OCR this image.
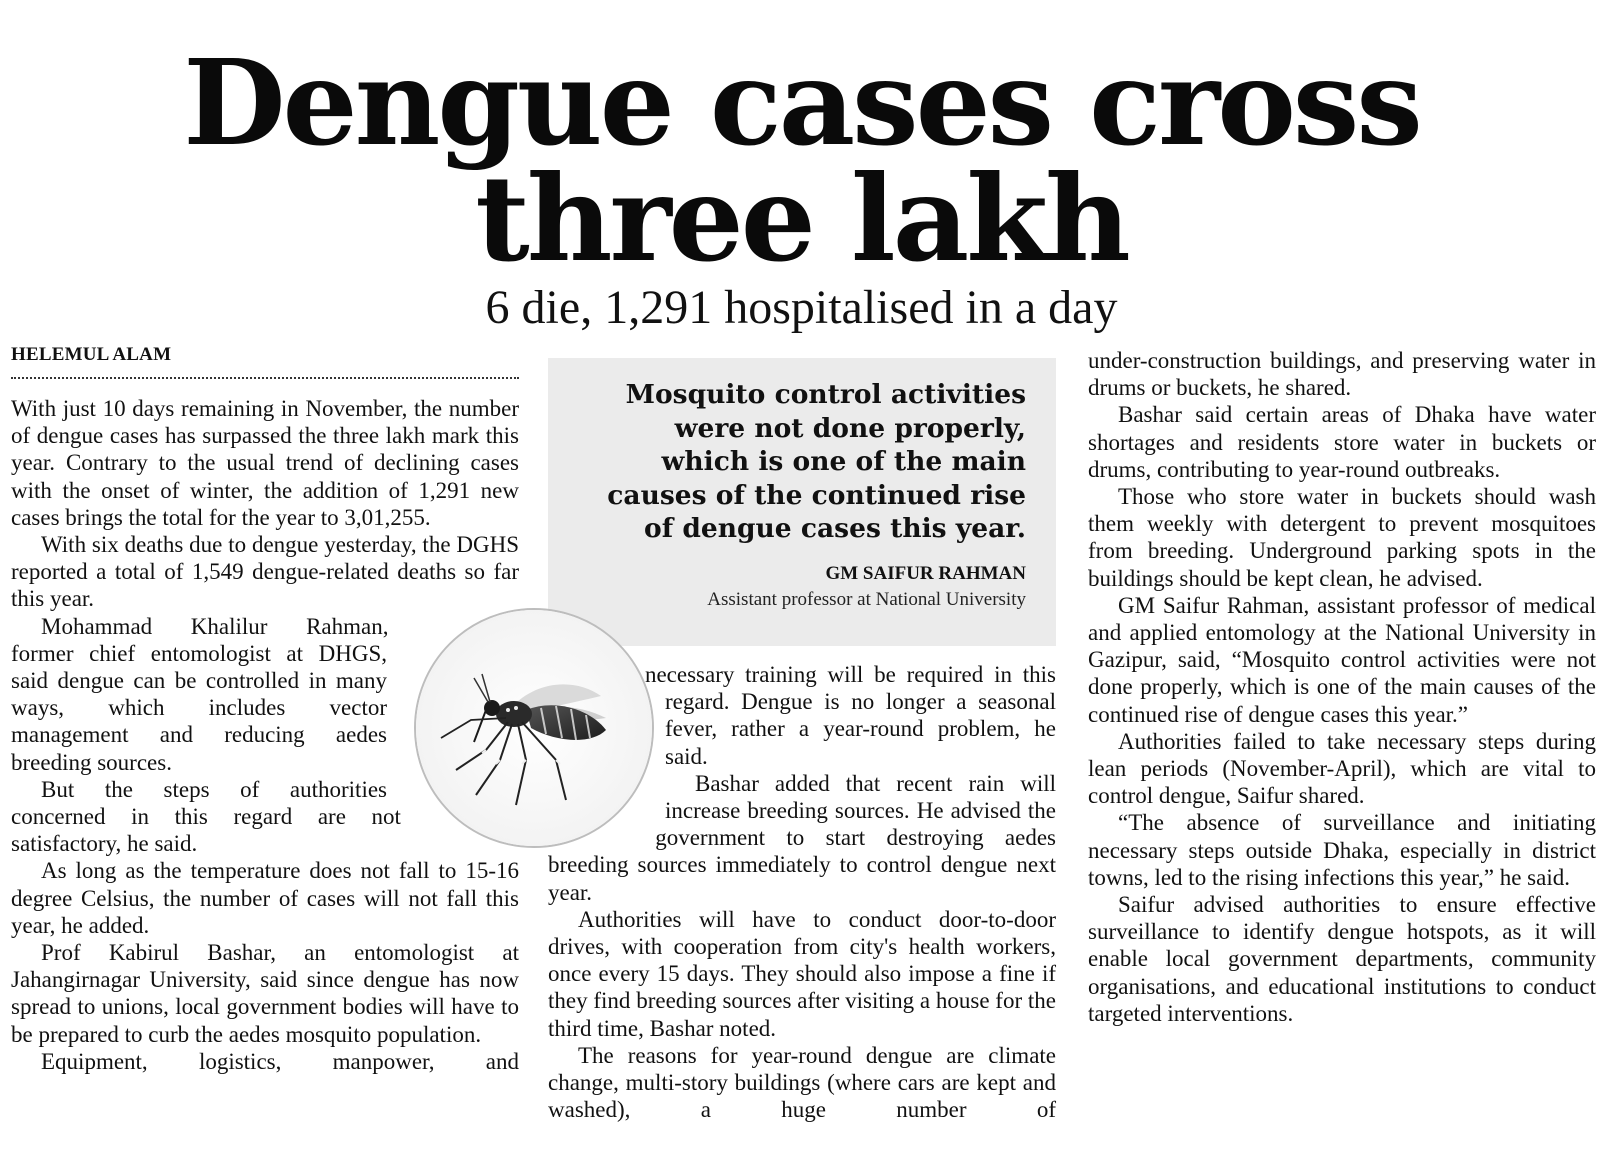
Dengue cases cross
three lakh
6 die, 1,291 hospitalised in a day
HELEMUL ALAM

With just 10 days remaining in November, the number of dengue cases has surpassed the three lakh mark this year. Contrary to the usual trend of declining cases with the onset of winter, the addition of 1,291 new cases brings the total for the year to 3,01,255.

With six deaths due to dengue yesterday, the DGHS reported a total of 1,549 dengue-related deaths so far this year.

Mohammad Khalilur Rahman, former chief entomologist at DHGS, said dengue can be controlled in many ways, which includes vector management and reducing aedes breeding sources.

But the steps of authorities concerned in this regard are not satisfactory, he said.

As long as the temperature does not fall to 15-16 degree Celsius, the number of cases will not fall this year, he added.

Prof Kabirul Bashar, an entomologist at Jahangirnagar University, said since dengue has now spread to unions, local government bodies will have to be prepared to curb the aedes mosquito population.

Equipment, logistics, manpower, and

Mosquito control activities were not done properly, which is one of the main causes of the continued rise of dengue cases this year.
GM SAIFUR RAHMAN
Assistant professor at National University

necessary training will be required in this regard. Dengue is no longer a seasonal fever, rather a year-round problem, he said.

Bashar added that recent rain will increase breeding sources. He advised the government to start destroying aedes breeding sources immediately to control dengue next year.

Authorities will have to conduct door-to-door drives, with cooperation from city's health workers, once every 15 days. They should also impose a fine if they find breeding sources after visiting a house for the third time, Bashar noted.

The reasons for year-round dengue are climate change, multi-story buildings (where cars are kept and washed), a huge number of

under-construction buildings, and preserving water in drums or buckets, he shared.

Bashar said certain areas of Dhaka have water shortages and residents store water in buckets or drums, contributing to year-round outbreaks.

Those who store water in buckets should wash them weekly with detergent to prevent mosquitoes from breeding. Underground parking spots in the buildings should be kept clean, he advised.

GM Saifur Rahman, assistant professor of medical and applied entomology at the National University in Gazipur, said, “Mosquito control activities were not done properly, which is one of the main causes of the continued rise of dengue cases this year.”

Authorities failed to take necessary steps during lean periods (November-April), which are vital to control dengue, Saifur shared.

“The absence of surveillance and initiating necessary steps outside Dhaka, especially in district towns, led to the rising infections this year,” he said.

Saifur advised authorities to ensure effective surveillance to identify dengue hotspots, as it will enable local government departments, community organisations, and educational institutions to conduct targeted interventions.
